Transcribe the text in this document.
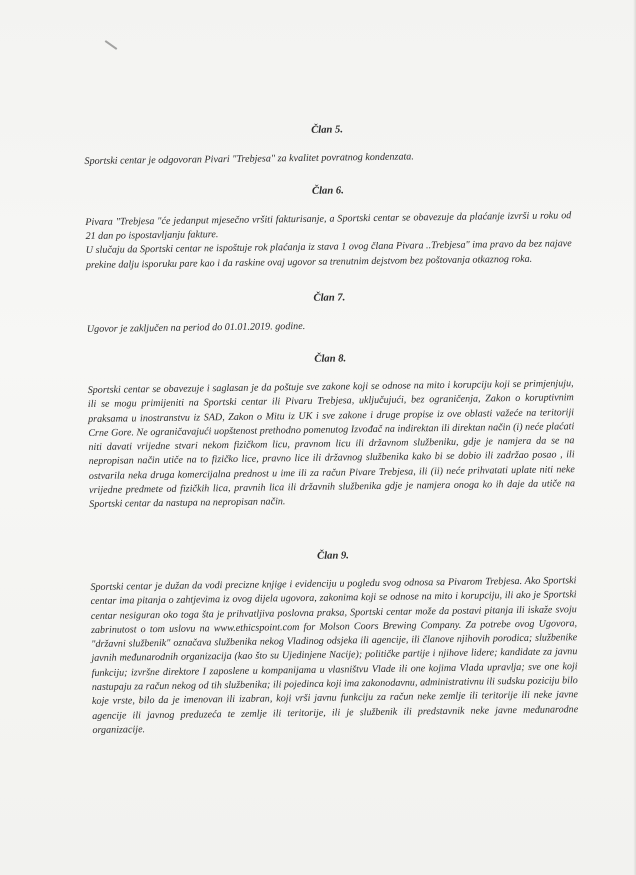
Član 5.

Sportski centar je odgovoran Pivari "Trebjesa" za kvalitet povratnog kondenzata.

Član 6.

Pivara "Trebjesa "će jedanput mjesečno vršiti fakturisanje, a Sportski centar se obavezuje da plaćanje izvrši u roku od 21 dan po ispostavljanju fakture.

U slučaju da Sportski centar ne ispoštuje rok plaćanja iz stava 1 ovog člana Pivara ..Trebjesa" ima pravo da bez najave prekine dalju isporuku pare kao i da raskine ovaj ugovor sa trenutnim dejstvom bez poštovanja otkaznog roka.

Član 7.

Ugovor je zaključen na period do 01.01.2019. godine.

Član 8.

Sportski centar se obavezuje i saglasan je da poštuje sve zakone koji se odnose na mito i korupciju koji se primjenjuju, ili se mogu primijeniti na Sportski centar ili Pivaru Trebjesa, uključujući, bez ograničenja, Zakon o koruptivnim praksama u inostranstvu iz SAD, Zakon o Mitu iz UK i sve zakone i druge propise iz ove oblasti važeće na teritoriji Crne Gore. Ne ograničavajući uopštenost prethodno pomenutog Izvođač na indirektan ili direktan način (i) neće plaćati niti davati vrijedne stvari nekom fizičkom licu, pravnom licu ili državnom službeniku, gdje je namjera da se na nepropisan način utiče na to fizičko lice, pravno lice ili državnog službenika kako bi se dobio ili zadržao posao , ili ostvarila neka druga komercijalna prednost u ime ili za račun Pivare Trebjesa, ili (ii) neće prihvatati uplate niti neke vrijedne predmete od fizičkih lica, pravnih lica ili državnih službenika gdje je namjera onoga ko ih daje da utiče na Sportski centar da nastupa na nepropisan način.

Član 9.

Sportski centar je dužan da vodi precizne knjige i evidenciju u pogledu svog odnosa sa Pivarom Trebjesa. Ako Sportski centar ima pitanja o zahtjevima iz ovog dijela ugovora, zakonima koji se odnose na mito i korupciju, ili ako je Sportski centar nesiguran oko toga šta je prihvatljiva poslovna praksa, Sportski centar može da postavi pitanja ili iskaže svoju zabrinutost o tom uslovu na www.ethicspoint.com for Molson Coors Brewing Company. Za potrebe ovog Ugovora, "državni službenik" označava službenika nekog Vladinog odsjeka ili agencije, ili članove njihovih porodica; službenike javnih međunarodnih organizacija (kao što su Ujedinjene Nacije); političke partije i njihove lidere; kandidate za javnu funkciju; izvršne direktore I zaposlene u kompanijama u vlasništvu Vlade ili one kojima Vlada upravlja; sve one koji nastupaju za račun nekog od tih službenika; ili pojedinca koji ima zakonodavnu, administrativnu ili sudsku poziciju bilo koje vrste, bilo da je imenovan ili izabran, koji vrši javnu funkciju za račun neke zemlje ili teritorije ili neke javne agencije ili javnog preduzeća te zemlje ili teritorije, ili je službenik ili predstavnik neke javne međunarodne organizacije.
